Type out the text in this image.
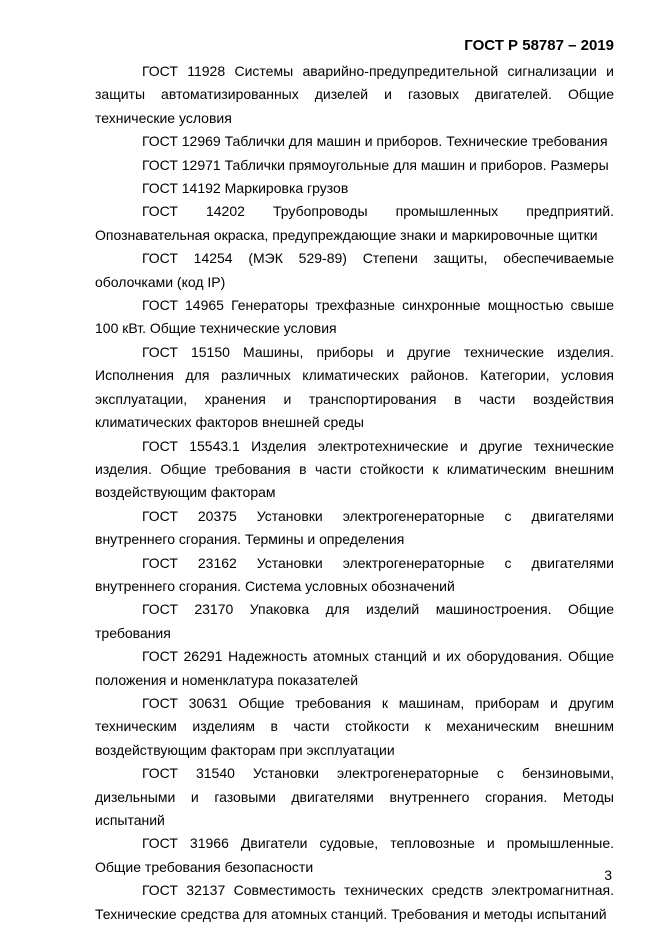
ГОСТ Р 58787 – 2019

ГОСТ 11928 Системы аварийно-предупредительной сигнализации и защиты автоматизированных дизелей и газовых двигателей. Общие технические условия

ГОСТ 12969 Таблички для машин и приборов. Технические требования

ГОСТ 12971 Таблички прямоугольные для машин и приборов. Размеры

ГОСТ 14192 Маркировка грузов

ГОСТ 14202 Трубопроводы промышленных предприятий. Опознавательная окраска, предупреждающие знаки и маркировочные щитки

ГОСТ 14254 (МЭК 529-89) Степени защиты, обеспечиваемые оболочками (код IP)

ГОСТ 14965 Генераторы трехфазные синхронные мощностью свыше 100 кВт. Общие технические условия

ГОСТ 15150 Машины, приборы и другие технические изделия. Исполнения для различных климатических районов. Категории, условия эксплуатации, хранения и транспортирования в части воздействия климатических факторов внешней среды

ГОСТ 15543.1 Изделия электротехнические и другие технические изделия. Общие требования в части стойкости к климатическим внешним воздействующим факторам

ГОСТ 20375 Установки электрогенераторные с двигателями внутреннего сгорания. Термины и определения

ГОСТ 23162 Установки электрогенераторные с двигателями внутреннего сгорания. Система условных обозначений

ГОСТ 23170 Упаковка для изделий машиностроения. Общие требования

ГОСТ 26291 Надежность атомных станций и их оборудования. Общие положения и номенклатура показателей

ГОСТ 30631 Общие требования к машинам, приборам и другим техническим изделиям в части стойкости к механическим внешним воздействующим факторам при эксплуатации

ГОСТ 31540 Установки электрогенераторные с бензиновыми, дизельными и газовыми двигателями внутреннего сгорания. Методы испытаний

ГОСТ 31966 Двигатели судовые, тепловозные и промышленные. Общие требования безопасности

ГОСТ 32137 Совместимость технических средств электромагнитная. Технические средства для атомных станций. Требования и методы испытаний

3
